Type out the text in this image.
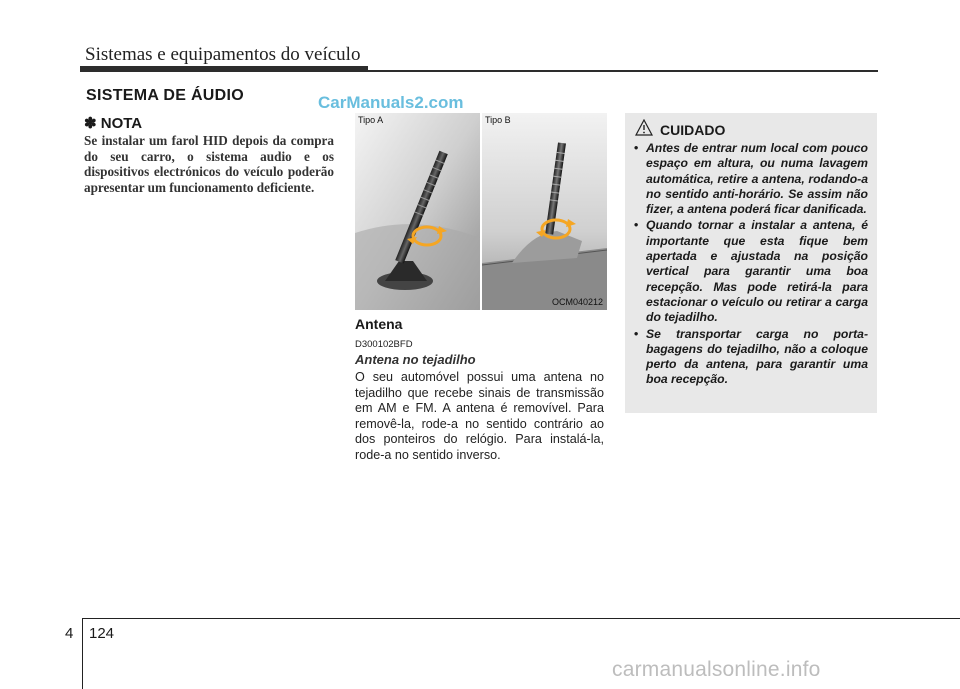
Sistemas e equipamentos do veículo
SISTEMA DE ÁUDIO	CarManuals2.com
✽ NOTA
Se instalar um farol HID depois da compra do seu carro, o sistema audio e os dispositivos electrónicos do veículo poderão apresentar um funcionamento deficiente.
Tipo A	Tipo B
OCM040212
Antena
D300102BFD
Antena no tejadilho
O seu automóvel possui uma antena no tejadilho que recebe sinais de transmissão em AM e FM. A antena é removível. Para removê-la, rode-a no sentido contrário ao dos ponteiros do relógio. Para instalá-la, rode-a no sentido inverso.
CUIDADO
• Antes de entrar num local com pouco espaço em altura, ou numa lavagem automática, retire a antena, rodando-a no sentido anti-horário. Se assim não fizer, a antena poderá ficar danificada.
• Quando tornar a instalar a antena, é importante que esta fique bem apertada e ajustada na posição vertical para garantir uma boa recepção. Mas pode retirá-la para estacionar o veículo ou retirar a carga do tejadilho.
• Se transportar carga no porta-bagagens do tejadilho, não a coloque perto da antena, para garantir uma boa recepção.
4 124
carmanualsonline.info
